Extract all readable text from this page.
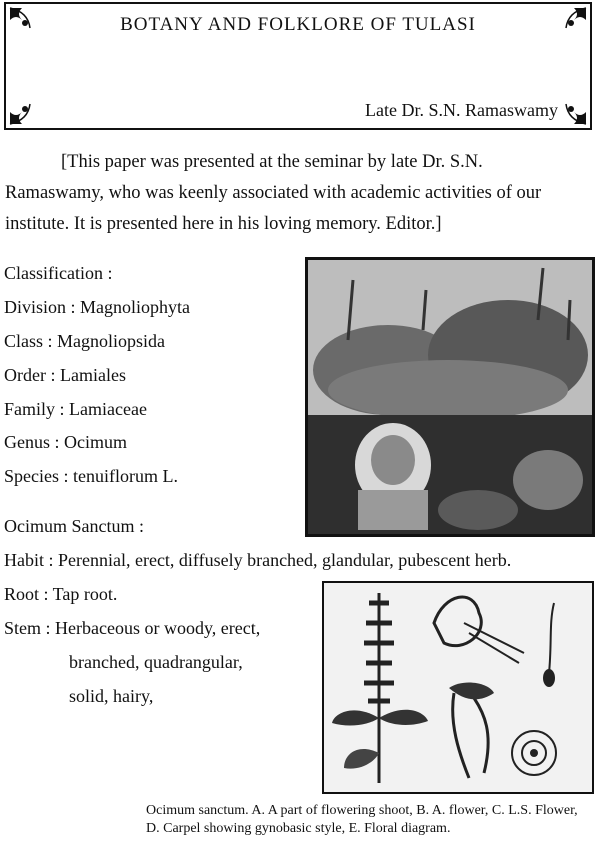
BOTANY AND FOLKLORE OF TULASI
Late Dr. S.N. Ramaswamy
[This paper was presented at the seminar by late Dr. S.N. Ramaswamy, who was keenly associated with academic activities of our institute. It is presented here in his loving memory. Editor.]
Classification :
Division : Magnoliophyta
Class : Magnoliopsida
Order : Lamiales
Family : Lamiaceae
Genus : Ocimum
Species : tenuiflorum L.
Ocimum Sanctum :
Habit : Perennial, erect, diffusely branched, glandular, pubescent herb.
Root : Tap root.
Stem : Herbaceous or woody, erect,
branched, quadrangular,
solid, hairy,
Ocimum sanctum. A. A part of flowering shoot, B. A. flower, C. L.S. Flower, D. Carpel showing gynobasic style, E. Floral diagram.
